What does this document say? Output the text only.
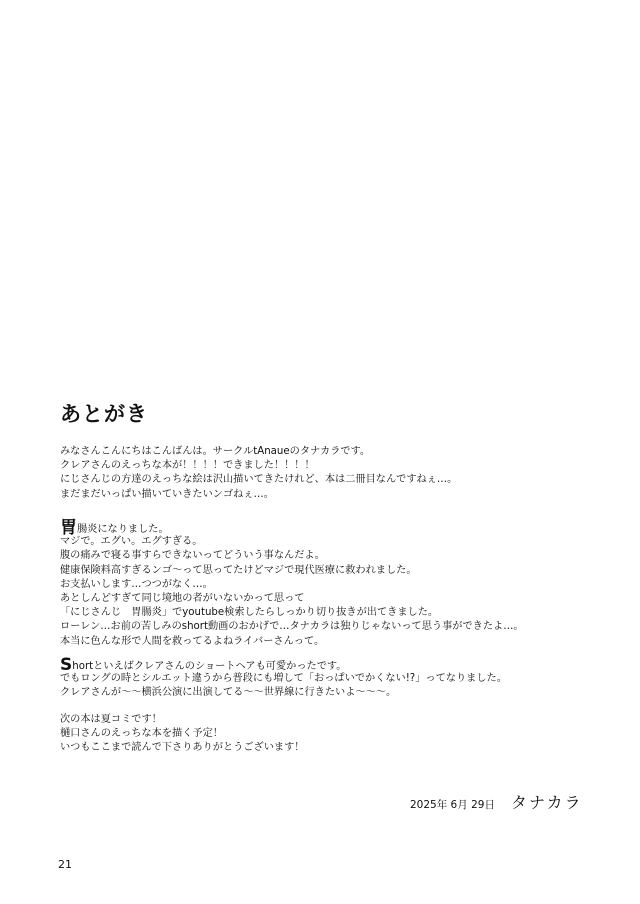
あとがき
みなさんこんにちはこんばんは。サークルtAnaueのタナカラです。
クレアさんのえっちな本が！！！！できました！！！！
にじさんじの方達のえっちな絵は沢山描いてきたけれど、本は二冊目なんですねぇ…。
まだまだいっぱい描いていきたいンゴねぇ…。
胃腸炎になりました。
マジで。エグい。エグすぎる。
腹の痛みで寝る事すらできないってどういう事なんだよ。
健康保険料高すぎるンゴ〜って思ってたけどマジで現代医療に救われました。
お支払いします…つつがなく…。
あとしんどすぎて同じ境地の者がいないかって思って
「にじさんじ　胃腸炎」でyoutube検索したらしっかり切り抜きが出てきました。
ローレン…お前の苦しみのshort動画のおかげで…タナカラは独りじゃないって思う事ができたよ…。
本当に色んな形で人間を救ってるよねライバーさんって。
Shortといえばクレアさんのショートヘアも可愛かったです。
でもロングの時とシルエット違うから普段にも増して「おっぱいでかくない!?」ってなりました。
クレアさんが〜〜横浜公演に出演してる〜〜世界線に行きたいよ〜〜〜。
次の本は夏コミです！
樋口さんのえっちな本を描く予定！
いつもここまで読んで下さりありがとうございます！
2025年 6月 29日 タナカラ
21
